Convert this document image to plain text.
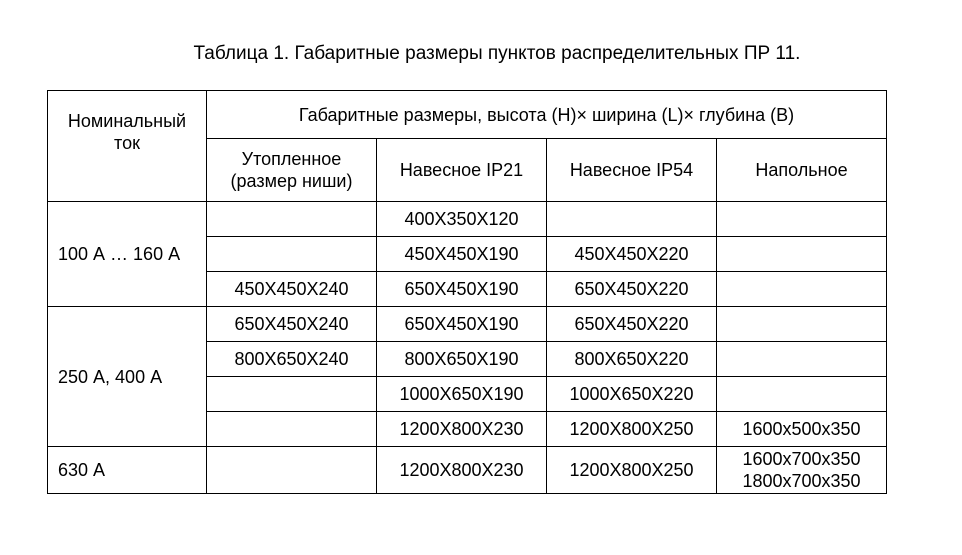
Таблица 1. Габаритные размеры пунктов распределительных ПР 11.
Номинальный
ток	Габаритные размеры, высота (H)× ширина (L)× глубина (B)			

	Утопленное
(размер ниши)	Навесное IP21	Навесное IP54	Напольное
100 А … 160 А		400X350X120		
		450X450X190	450X450X220	
	450X450X240	650X450X190	650X450X220	
250 А, 400 А	650X450X240	650X450X190	650X450X220	
	800X650X240	800X650X190	800X650X220	
		1000X650X190	1000X650X220	
		1200X800X230	1200X800X250	1600x500x350
630 А		1200X800X230	1200X800X250	1600x700x350
1800x700x350
